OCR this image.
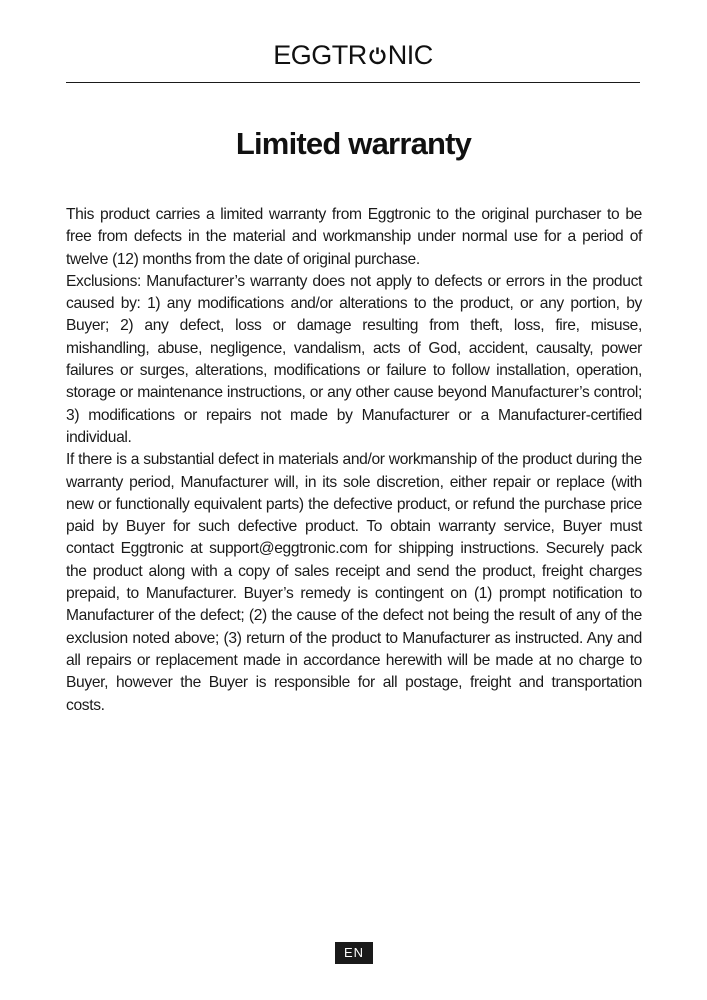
EGGTR NIC
Limited warranty

This product carries a limited warranty from Eggtronic to the original purchaser to be free from defects in the material and workmanship under normal use for a period of twelve (12) months from the date of original purchase.

Exclusions: Manufacturer’s warranty does not apply to defects or errors in the product caused by: 1) any modifications and/or alterations to the product, or any portion, by Buyer; 2) any defect, loss or damage resulting from theft, loss, fire, misuse, mishandling, abuse, negligence, vandalism, acts of God, accident, causalty, power failures or surges, alterations, modifications or failure to follow installation, operation, storage or maintenance instructions, or any other cause beyond Manufacturer’s control; 3) modifications or repairs not made by Manufacturer or a Manufacturer-certified individual.

If there is a substantial defect in materials and/or workmanship of the product during the warranty period, Manufacturer will, in its sole discretion, either repair or replace (with new or functionally equivalent parts) the defective product, or refund the purchase price paid by Buyer for such defective product. To obtain warranty service, Buyer must contact Eggtronic at support@eggtronic.com for shipping instructions. Securely pack the product along with a copy of sales receipt and send the product, freight charges prepaid, to Manufacturer. Buyer’s remedy is contingent on (1) prompt notification to Manufacturer of the defect; (2) the cause of the defect not being the result of any of the exclusion noted above; (3) return of the product to Manufacturer as instructed. Any and all repairs or replacement made in accordance herewith will be made at no charge to Buyer, however the Buyer is responsible for all postage, freight and transportation costs.

EN
